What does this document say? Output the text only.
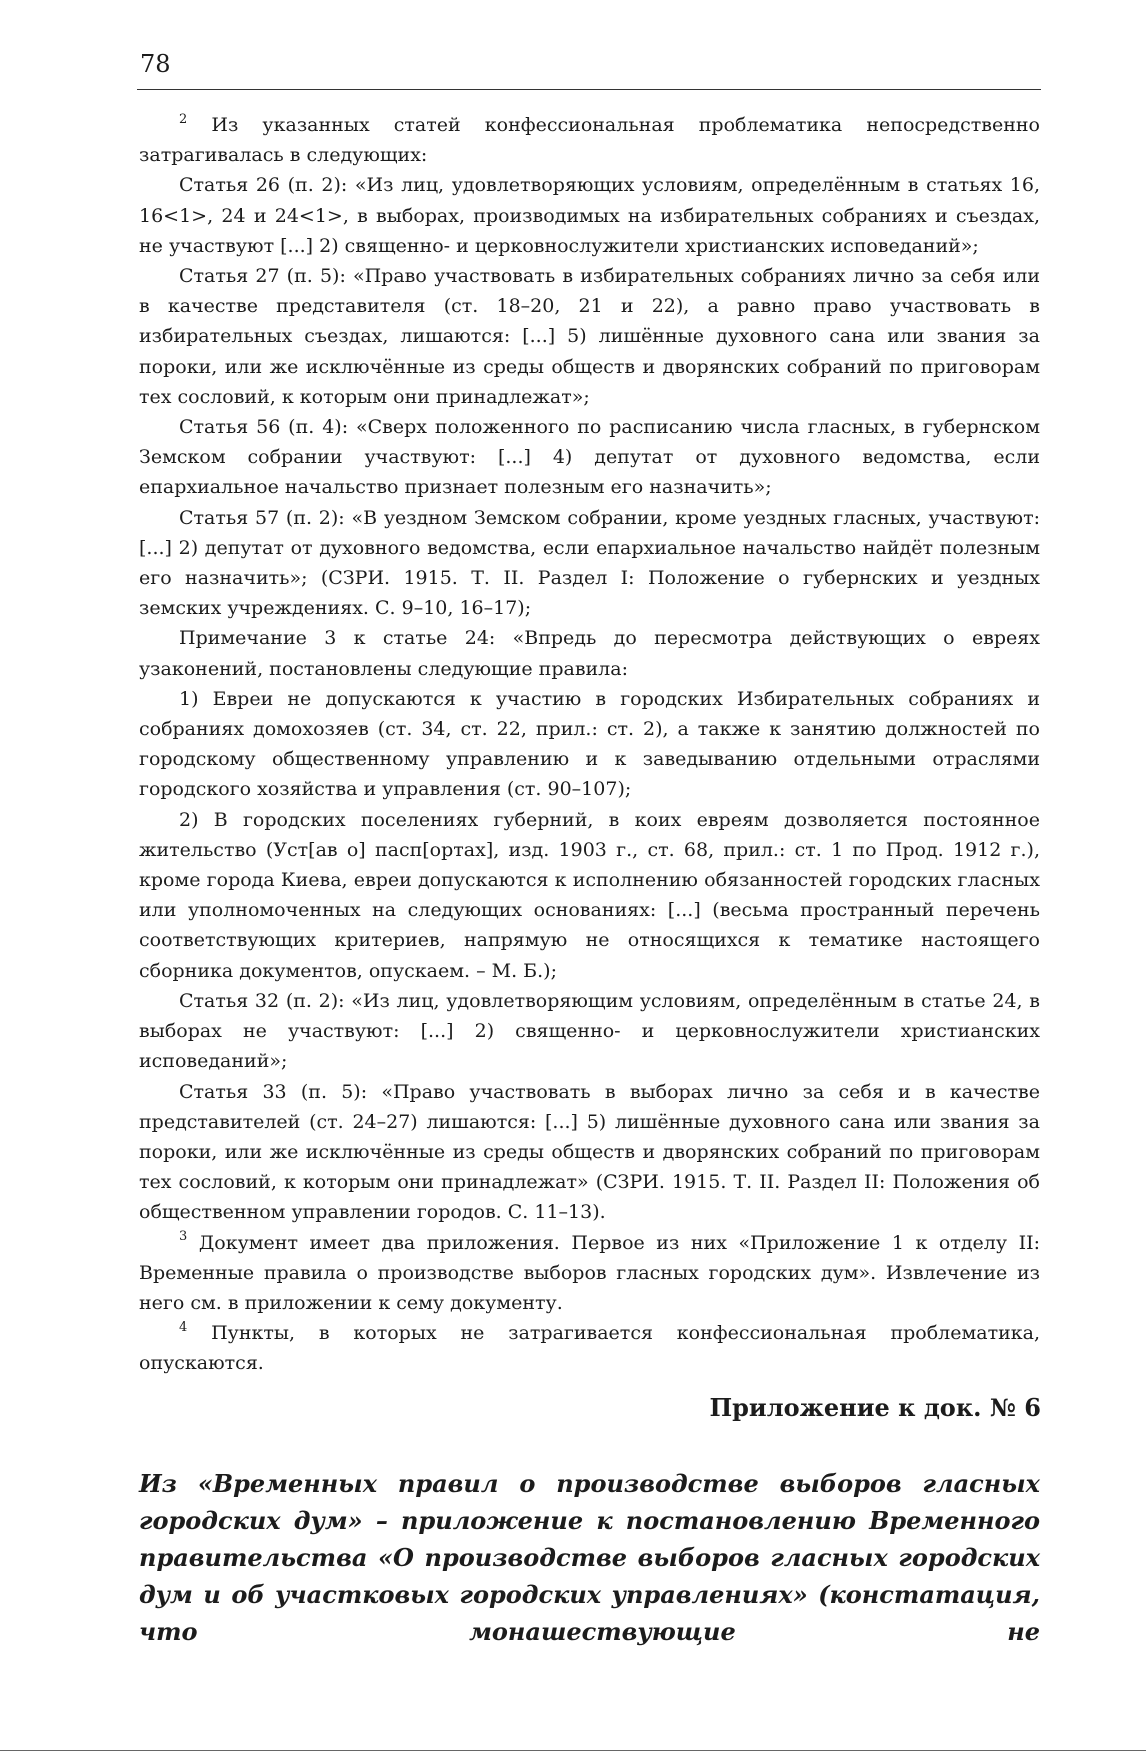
78

$^2$ Из указанных статей конфессиональная проблематика непосредственно затрагивалась в следующих:

Статья 26 (п. 2): «Из лиц, удовлетворяющих условиям, определённым в статьях 16, 16<1>, 24 и 24<1>, в выборах, производимых на избирательных собраниях и съездах, не участвуют [...] 2) священно- и церковнослужители христианских исповеданий»;

Статья 27 (п. 5): «Право участвовать в избирательных собраниях лично за себя или в качестве представителя (ст. 18–20, 21 и 22), а равно право участвовать в избирательных съездах, лишаются: [...] 5) лишённые духовного сана или звания за пороки, или же исключённые из среды обществ и дворянских собраний по приговорам тех сословий, к которым они принадлежат»;

Статья 56 (п. 4): «Сверх положенного по расписанию числа гласных, в губернском Земском собрании участвуют: [...] 4) депутат от духовного ведомства, если епархиальное начальство признает полезным его назначить»;

Статья 57 (п. 2): «В уездном Земском собрании, кроме уездных гласных, участвуют: [...] 2) депутат от духовного ведомства, если епархиальное начальство найдёт полезным его назначить»; (СЗРИ. 1915. Т. II. Раздел I: Положение о губернских и уездных земских учреждениях. С. 9–10, 16–17);

Примечание 3 к статье 24: «Впредь до пересмотра действующих о евреях узаконений, постановлены следующие правила:

1) Евреи не допускаются к участию в городских Избирательных собраниях и собраниях домохозяев (ст. 34, ст. 22, прил.: ст. 2), а также к занятию должностей по городскому общественному управлению и к заведыванию отдельными отраслями городского хозяйства и управления (ст. 90–107);

2) В городских поселениях губерний, в коих евреям дозволяется постоянное жительство (Уст[ав о] пасп[ортах], изд. 1903 г., ст. 68, прил.: ст. 1 по Прод. 1912 г.), кроме города Киева, евреи допускаются к исполнению обязанностей городских гласных или уполномоченных на следующих основаниях: [...] (весьма пространный перечень соответствующих критериев, напрямую не относящихся к тематике настоящего сборника документов, опускаем. – М. Б.);

Статья 32 (п. 2): «Из лиц, удовлетворяющим условиям, определённым в статье 24, в выборах не участвуют: [...] 2) священно- и церковнослужители христианских исповеданий»;

Статья 33 (п. 5): «Право участвовать в выборах лично за себя и в качестве представителей (ст. 24–27) лишаются: [...] 5) лишённые духовного сана или звания за пороки, или же исключённые из среды обществ и дворянских собраний по приговорам тех сословий, к которым они принадлежат» (СЗРИ. 1915. Т. II. Раздел II: Положения об общественном управлении городов. С. 11–13).

$^3$ Документ имеет два приложения. Первое из них «Приложение 1 к отделу II: Временные правила о производстве выборов гласных городских дум». Извлечение из него см. в приложении к сему документу.

$^4$ Пункты, в которых не затрагивается конфессиональная проблематика, опускаются.

Приложение к док. № 6
Из «Временных правил о производстве выборов гласных городских дум» – приложение к постановлению Временного правительства «О производстве выборов гласных городских дум и об участковых городских управлениях» (констатация, что монашествующие не
